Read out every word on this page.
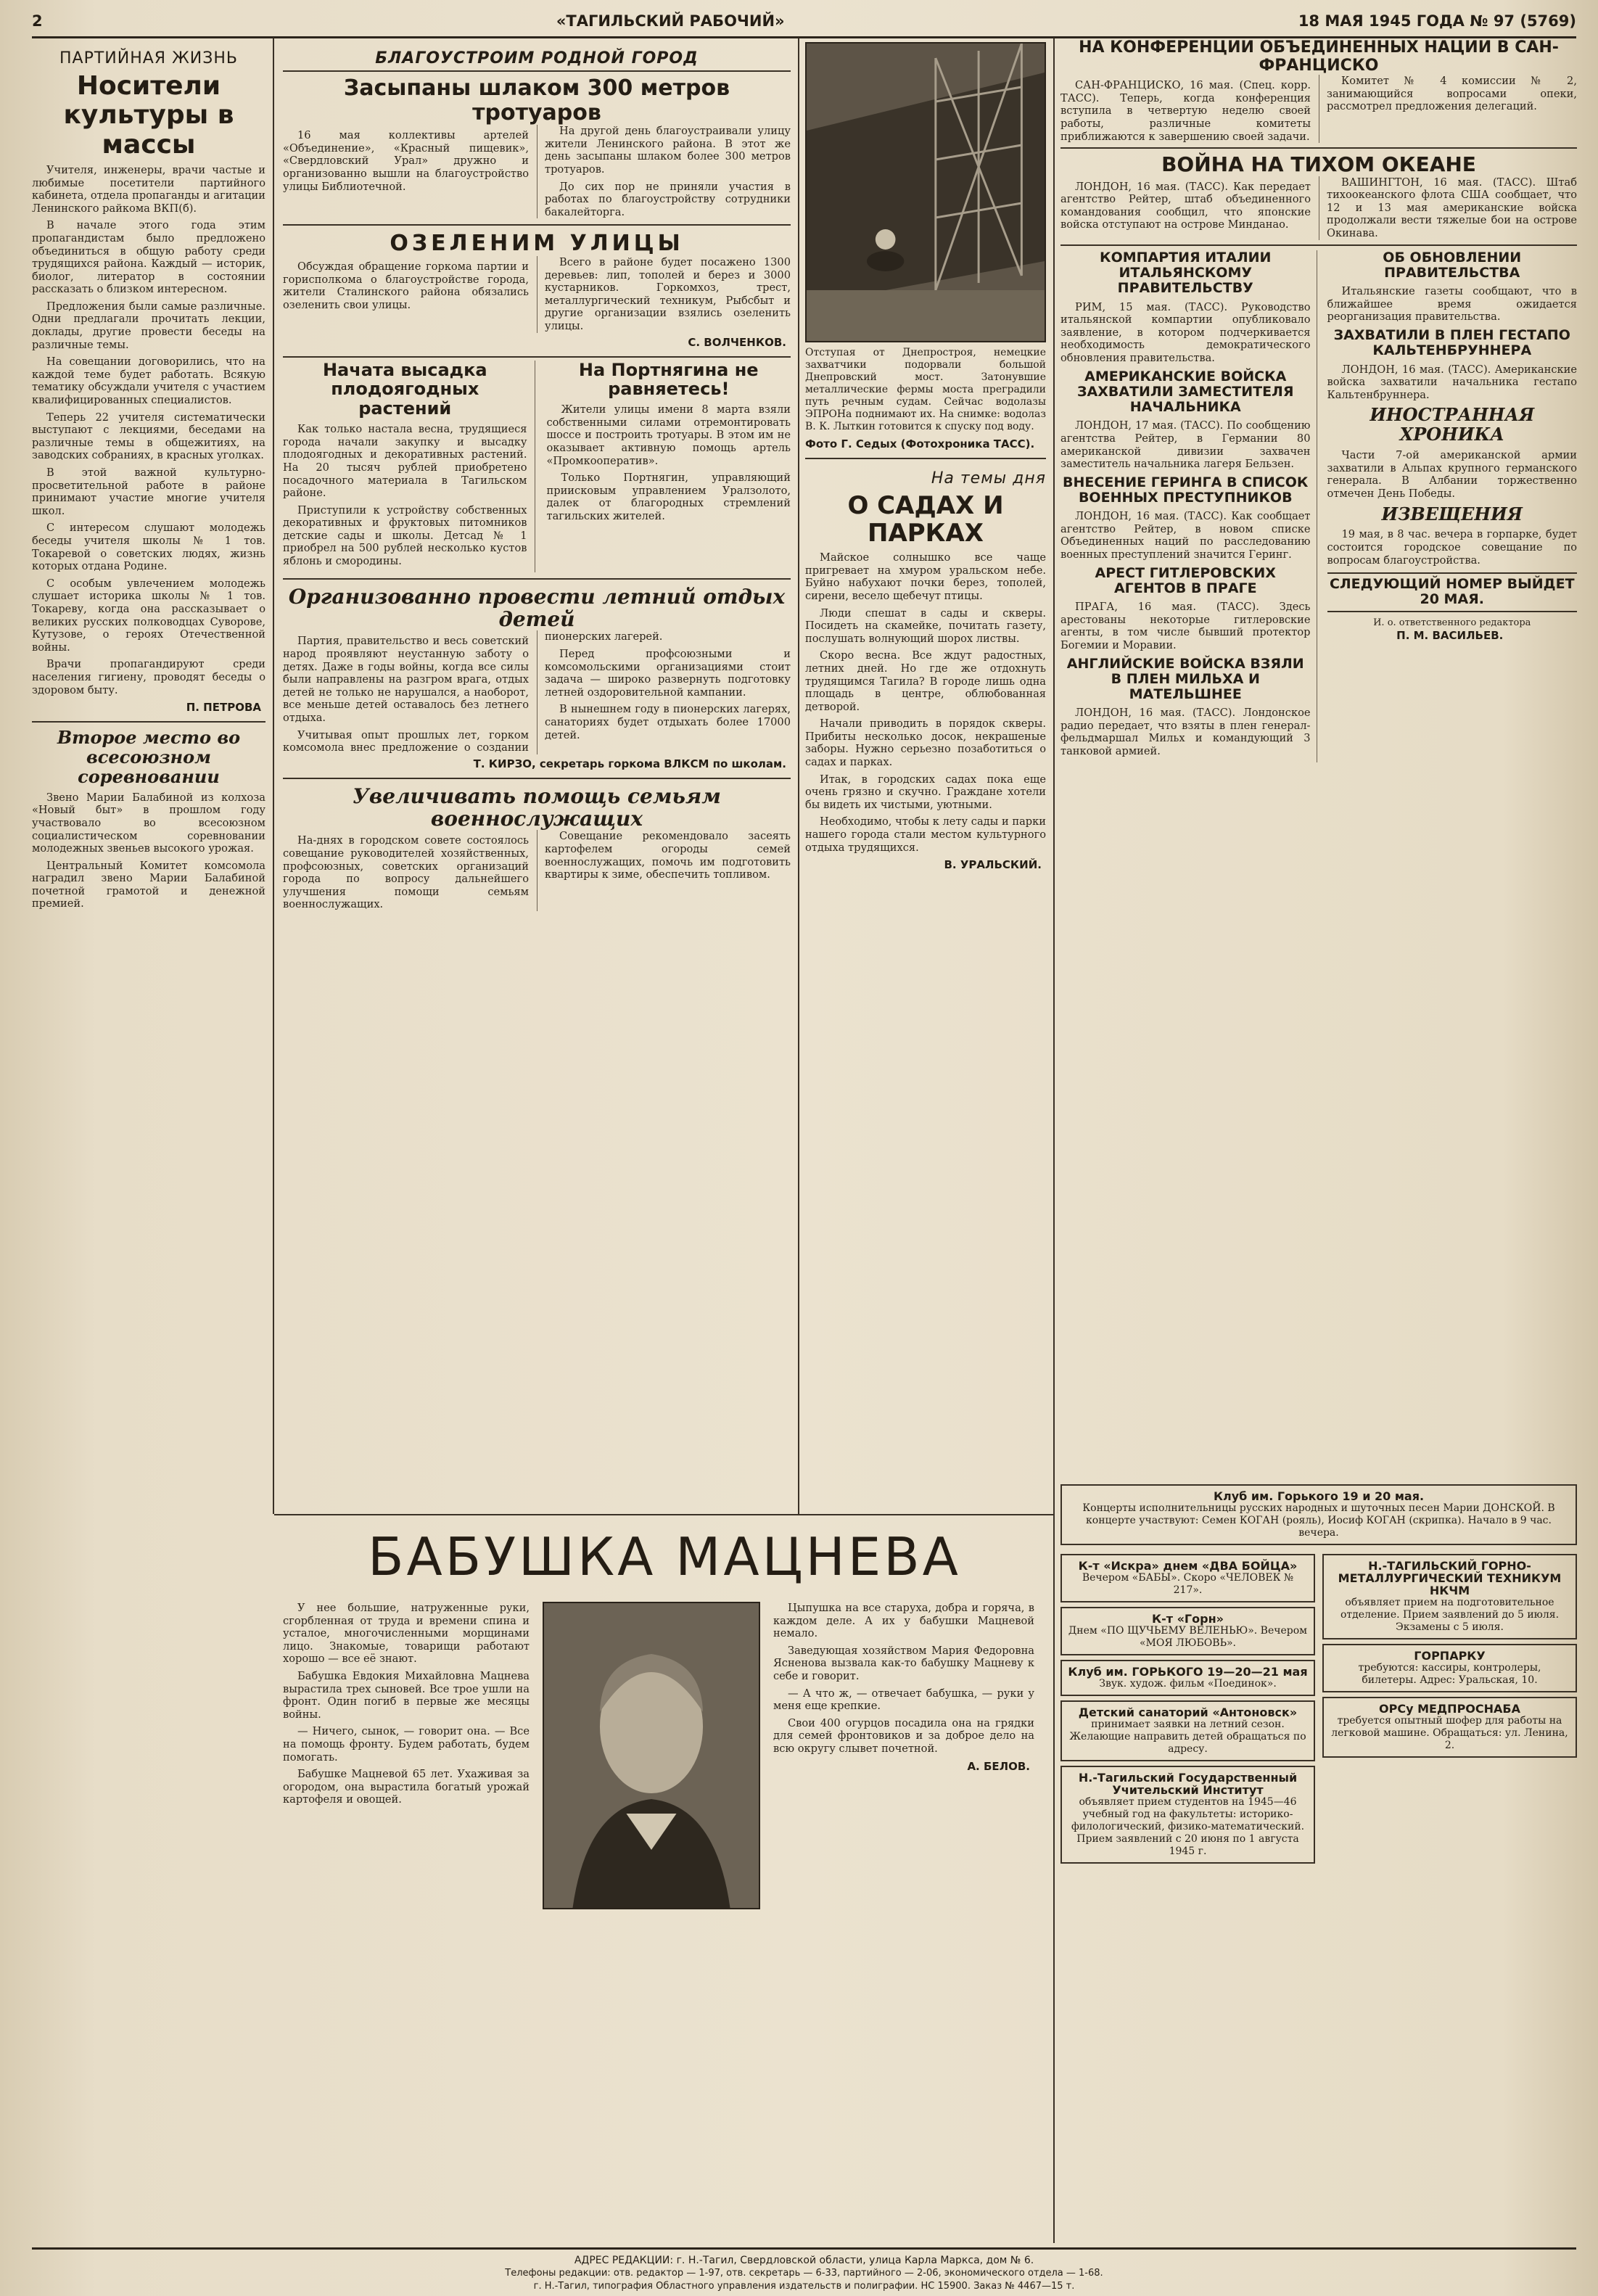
2	«ТАГИЛЬСКИЙ РАБОЧИЙ»	18 МАЯ 1945 ГОДА № 97 (5769)
ПАРТИЙНАЯ ЖИЗНЬ
Носители культуры в массы

Учителя, инженеры, врачи частые и любимые посетители партийного кабинета, отдела пропаганды и агитации Ленинского райкома ВКП(б).

В начале этого года этим пропагандистам было предложено объединиться в общую работу среди трудящихся района. Каждый — историк, биолог, литератор в состоянии рассказать о близком интересном.

Предложения были самые различные. Одни предлагали прочитать лекции, доклады, другие провести беседы на различные темы.

На совещании договорились, что на каждой теме будет работать. Всякую тематику обсуждали учителя с участием квалифицированных специалистов.

Теперь 22 учителя систематически выступают с лекциями, беседами на различные темы в общежитиях, на заводских собраниях, в красных уголках.

В этой важной культурно-просветительной работе в районе принимают участие многие учителя школ.

С интересом слушают молодежь беседы учителя школы № 1 тов. Токаревой о советских людях, жизнь которых отдана Родине.

С особым увлечением молодежь слушает историка школы № 1 тов. Токареву, когда она рассказывает о великих русских полководцах Суворове, Кутузове, о героях Отечественной войны.

Врачи пропагандируют среди населения гигиену, проводят беседы о здоровом быту.

П. ПЕТРОВА
Второе место во всесоюзном соревновании

Звено Марии Балабиной из колхоза «Новый быт» в прошлом году участвовало во всесоюзном социалистическом соревновании молодежных звеньев высокого урожая.

Центральный Комитет комсомола наградил звено Марии Балабиной почетной грамотой и денежной премией.

БЛАГОУСТРОИМ РОДНОЙ ГОРОД
Засыпаны шлаком 300 метров тротуаров

16 мая коллективы артелей «Объединение», «Красный пищевик», «Свердловский Урал» дружно и организованно вышли на благоустройство улицы Библиотечной.

На другой день благоустраивали улицу жители Ленинского района. В этот же день засыпаны шлаком более 300 метров тротуаров.

До сих пор не приняли участия в работах по благоустройству сотрудники бакалейторга.

ОЗЕЛЕНИМ УЛИЦЫ

Обсуждая обращение горкома партии и горисполкома о благоустройстве города, жители Сталинского района обязались озеленить свои улицы.

Всего в районе будет посажено 1300 деревьев: лип, тополей и берез и 3000 кустарников. Горкомхоз, трест, металлургический техникум, Рыбсбыт и другие организации взялись озеленить улицы.

С. ВОЛЧЕНКОВ.
Начата высадка плодоягодных растений

Как только настала весна, трудящиеся города начали закупку и высадку плодоягодных и декоративных растений. На 20 тысяч рублей приобретено посадочного материала в Тагильском районе.

Приступили к устройству собственных декоративных и фруктовых питомников детские сады и школы. Детсад № 1 приобрел на 500 рублей несколько кустов яблонь и смородины.

На Портнягина не равняетесь!

Жители улицы имени 8 марта взяли собственными силами отремонтировать шоссе и построить тротуары. В этом им не оказывает активную помощь артель «Промкооператив».

Только Портнягин, управляющий приисковым управлением Уралзолото, далек от благородных стремлений тагильских жителей.

Организованно провести летний отдых детей

Партия, правительство и весь советский народ проявляют неустанную заботу о детях. Даже в годы войны, когда все силы были направлены на разгром врага, отдых детей не только не нарушался, а наоборот, все меньше детей оставалось без летнего отдыха.

Учитывая опыт прошлых лет, горком комсомола внес предложение о создании пионерских лагерей.

Перед профсоюзными и комсомольскими организациями стоит задача — широко развернуть подготовку летней оздоровительной кампании.

В нынешнем году в пионерских лагерях, санаториях будет отдыхать более 17000 детей.

Т. КИРЗО, секретарь горкома ВЛКСМ по школам.
Увеличивать помощь семьям военнослужащих

На-днях в городском совете состоялось совещание руководителей хозяйственных, профсоюзных, советских организаций города по вопросу дальнейшего улучшения помощи семьям военнослужащих.

Совещание рекомендовало засеять картофелем огороды семей военнослужащих, помочь им подготовить квартиры к зиме, обеспечить топливом.

Отступая от Днепростроя, немецкие захватчики подорвали большой Днепровский мост. Затонувшие металлические фермы моста преградили путь речным судам. Сейчас водолазы ЭПРОНа поднимают их. На снимке: водолаз В. К. Лыткин готовится к спуску под воду.

Фото Г. Седых (Фотохроника ТАСС).
На темы дня
О САДАХ И ПАРКАХ

Майское солнышко все чаще пригревает на хмуром уральском небе. Буйно набухают почки берез, тополей, сирени, весело щебечут птицы.

Люди спешат в сады и скверы. Посидеть на скамейке, почитать газету, послушать волнующий шорох листвы.

Скоро весна. Все ждут радостных, летних дней. Но где же отдохнуть трудящимся Тагила? В городе лишь одна площадь в центре, облюбованная детворой.

Начали приводить в порядок скверы. Прибиты несколько досок, некрашеные заборы. Нужно серьезно позаботиться о садах и парках.

Итак, в городских садах пока еще очень грязно и скучно. Граждане хотели бы видеть их чистыми, уютными.

Необходимо, чтобы к лету сады и парки нашего города стали местом культурного отдыха трудящихся.

В. УРАЛЬСКИЙ.
БАБУШКА МАЦНЕВА

У нее большие, натруженные руки, сгорбленная от труда и времени спина и усталое, многочисленными морщинами лицо. Знакомые, товарищи работают хорошо — все её знают.

Бабушка Евдокия Михайловна Мацнева вырастила трех сыновей. Все трое ушли на фронт. Один погиб в первые же месяцы войны.

— Ничего, сынок, — говорит она. — Все на помощь фронту. Будем работать, будем помогать.

Бабушке Мацневой 65 лет. Ухаживая за огородом, она вырастила богатый урожай картофеля и овощей.

Цыпушка на все старуха, добра и горяча, в каждом деле. А их у бабушки Мацневой немало.

Заведующая хозяйством Мария Федоровна Ясненова вызвала как-то бабушку Мацневу к себе и говорит.

— А что ж, — отвечает бабушка, — руки у меня еще крепкие.

Свои 400 огурцов посадила она на грядки для семей фронтовиков и за доброе дело на всю округу слывет почетной.

А. БЕЛОВ.
НА КОНФЕРЕНЦИИ ОБЪЕДИНЕННЫХ НАЦИЙ В САН-ФРАНЦИСКО

САН-ФРАНЦИСКО, 16 мая. (Спец. корр. ТАСС). Теперь, когда конференция вступила в четвертую неделю своей работы, различные комитеты приближаются к завершению своей задачи.

Комитет № 4 комиссии № 2, занимающийся вопросами опеки, рассмотрел предложения делегаций.

ВОЙНА НА ТИХОМ ОКЕАНЕ

ЛОНДОН, 16 мая. (ТАСС). Как передает агентство Рейтер, штаб объединенного командования сообщил, что японские войска отступают на острове Минданао.

ВАШИНГТОН, 16 мая. (ТАСС). Штаб тихоокеанского флота США сообщает, что 12 и 13 мая американские войска продолжали вести тяжелые бои на острове Окинава.

КОМПАРТИЯ ИТАЛИИ ИТАЛЬЯНСКОМУ ПРАВИТЕЛЬСТВУ

РИМ, 15 мая. (ТАСС). Руководство итальянской компартии опубликовало заявление, в котором подчеркивается необходимость демократического обновления правительства.

АМЕРИКАНСКИЕ ВОЙСКА ЗАХВАТИЛИ ЗАМЕСТИТЕЛЯ НАЧАЛЬНИКА

ЛОНДОН, 17 мая. (ТАСС). По сообщению агентства Рейтер, в Германии 80 американской дивизии захвачен заместитель начальника лагеря Бельзен.

ВНЕСЕНИЕ ГЕРИНГА В СПИСОК ВОЕННЫХ ПРЕСТУПНИКОВ

ЛОНДОН, 16 мая. (ТАСС). Как сообщает агентство Рейтер, в новом списке Объединенных наций по расследованию военных преступлений значится Геринг.

АРЕСТ ГИТЛЕРОВСКИХ АГЕНТОВ В ПРАГЕ

ПРАГА, 16 мая. (ТАСС). Здесь арестованы некоторые гитлеровские агенты, в том числе бывший протектор Богемии и Моравии.

АНГЛИЙСКИЕ ВОЙСКА ВЗЯЛИ В ПЛЕН МИЛЬХА И МАТЕЛЬШНЕЕ

ЛОНДОН, 16 мая. (ТАСС). Лондонское радио передает, что взяты в плен генерал-фельдмаршал Мильх и командующий 3 танковой армией.

ОБ ОБНОВЛЕНИИ ПРАВИТЕЛЬСТВА

Итальянские газеты сообщают, что в ближайшее время ожидается реорганизация правительства.

ЗАХВАТИЛИ В ПЛЕН ГЕСТАПО КАЛЬТЕНБРУННЕРА

ЛОНДОН, 16 мая. (ТАСС). Американские войска захватили начальника гестапо Кальтенбруннера.

ИНОСТРАННАЯ ХРОНИКА

Части 7-ой американской армии захватили в Альпах крупного германского генерала. В Албании торжественно отмечен День Победы.

ИЗВЕЩЕНИЯ

19 мая, в 8 час. вечера в горпарке, будет состоится городское совещание по вопросам благоустройства.

СЛЕДУЮЩИЙ НОМЕР ВЫЙДЕТ 20 МАЯ.

И. о. ответственного редактора

П. М. ВАСИЛЬЕВ.

Клуб им. Горького 19 и 20 мая.
Концерты исполнительницы русских народных и шуточных песен Марии ДОНСКОЙ. В концерте участвуют: Семен КОГАН (рояль), Иосиф КОГАН (скрипка). Начало в 9 час. вечера.
К-т «Искра» днем «ДВА БОЙЦА»
Вечером «БАБЫ». Скоро «ЧЕЛОВЕК № 217».
К-т «Горн»
Днем «ПО ЩУЧЬЕМУ ВЕЛЕНЬЮ». Вечером «МОЯ ЛЮБОВЬ».
Клуб им. ГОРЬКОГО 19—20—21 мая
Звук. худож. фильм «Поединок».
Детский санаторий «Антоновск»
принимает заявки на летний сезон. Желающие направить детей обращаться по адресу.
Н.-Тагильский Государственный Учительский Институт
объявляет прием студентов на 1945—46 учебный год на факультеты: историко-филологический, физико-математический. Прием заявлений с 20 июня по 1 августа 1945 г.
Н.-ТАГИЛЬСКИЙ ГОРНО-МЕТАЛЛУРГИЧЕСКИЙ ТЕХНИКУМ НКЧМ
объявляет прием на подготовительное отделение. Прием заявлений до 5 июля. Экзамены с 5 июля.
ГОРПАРКУ
требуются: кассиры, контролеры, билетеры. Адрес: Уральская, 10.
ОРСу МЕДПРОСНАБА
требуется опытный шофер для работы на легковой машине. Обращаться: ул. Ленина, 2.
АДРЕС РЕДАКЦИИ: г. Н.-Тагил, Свердловской области, улица Карла Маркса, дом № 6.
Телефоны редакции: отв. редактор — 1-97, отв. секретарь — 6-33, партийного — 2-06, экономического отдела — 1-68.
г. Н.-Тагил, типография Областного управления издательств и полиграфии. НС 15900. Заказ № 4467—15 т.
